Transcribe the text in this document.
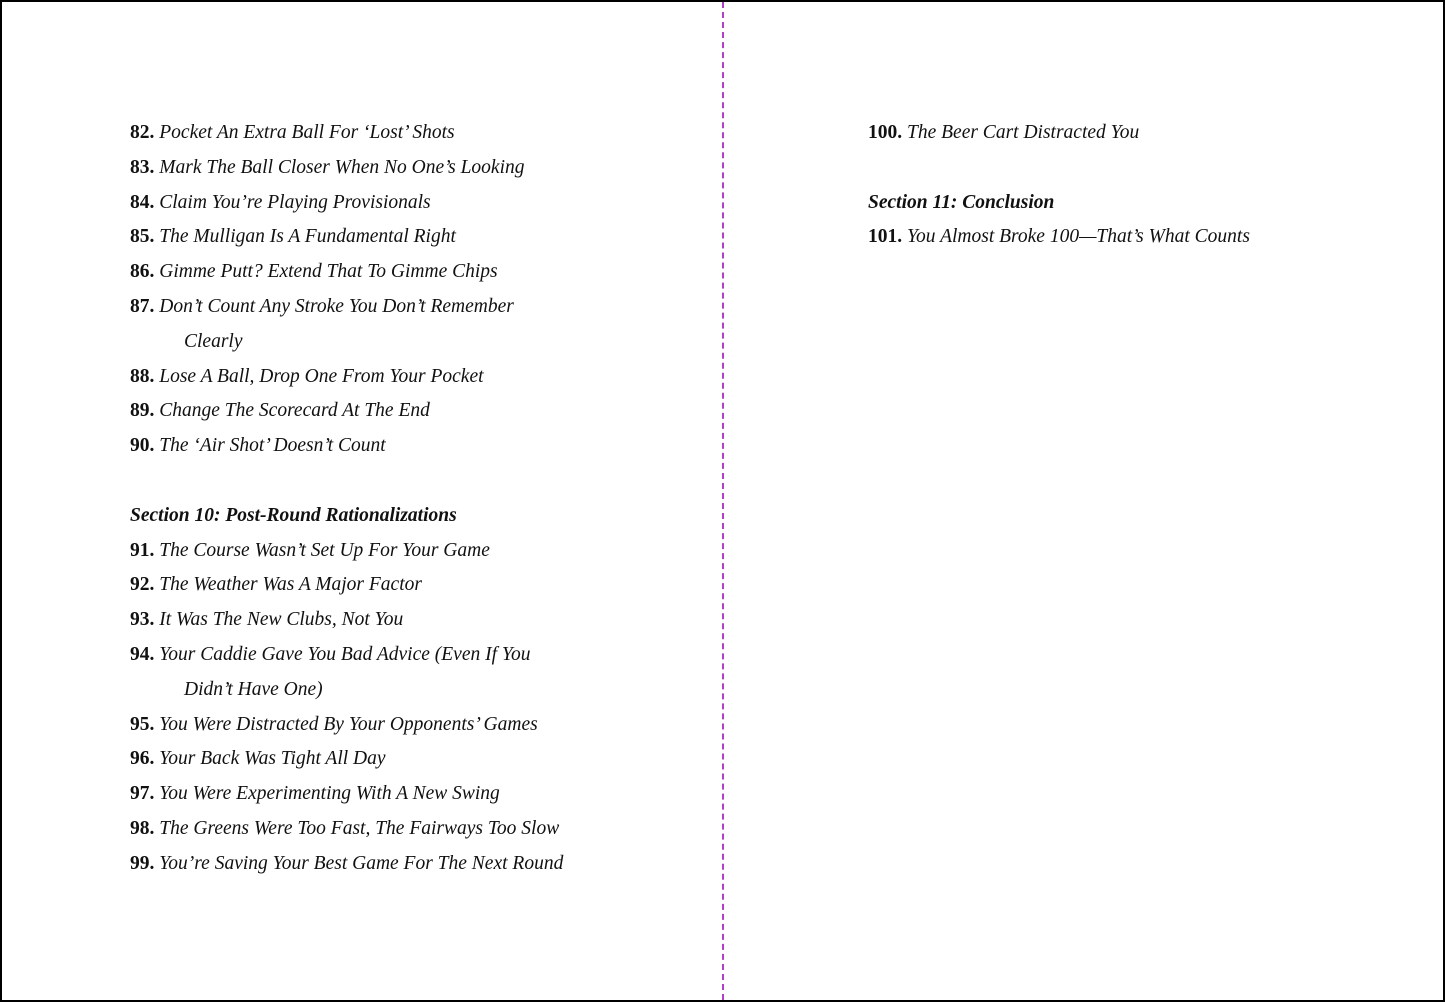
82. Pocket An Extra Ball For ‘Lost’ Shots
83. Mark The Ball Closer When No One’s Looking
84. Claim You’re Playing Provisionals
85. The Mulligan Is A Fundamental Right
86. Gimme Putt? Extend That To Gimme Chips
87. Don’t Count Any Stroke You Don’t Remember
Clearly
88. Lose A Ball, Drop One From Your Pocket
89. Change The Scorecard At The End
90. The ‘Air Shot’ Doesn’t Count
Section 10: Post-Round Rationalizations
91. The Course Wasn’t Set Up For Your Game
92. The Weather Was A Major Factor
93. It Was The New Clubs, Not You
94. Your Caddie Gave You Bad Advice (Even If You
Didn’t Have One)
95. You Were Distracted By Your Opponents’ Games
96. Your Back Was Tight All Day
97. You Were Experimenting With A New Swing
98. The Greens Were Too Fast, The Fairways Too Slow
99. You’re Saving Your Best Game For The Next Round
100. The Beer Cart Distracted You
Section 11: Conclusion
101. You Almost Broke 100—That’s What Counts
